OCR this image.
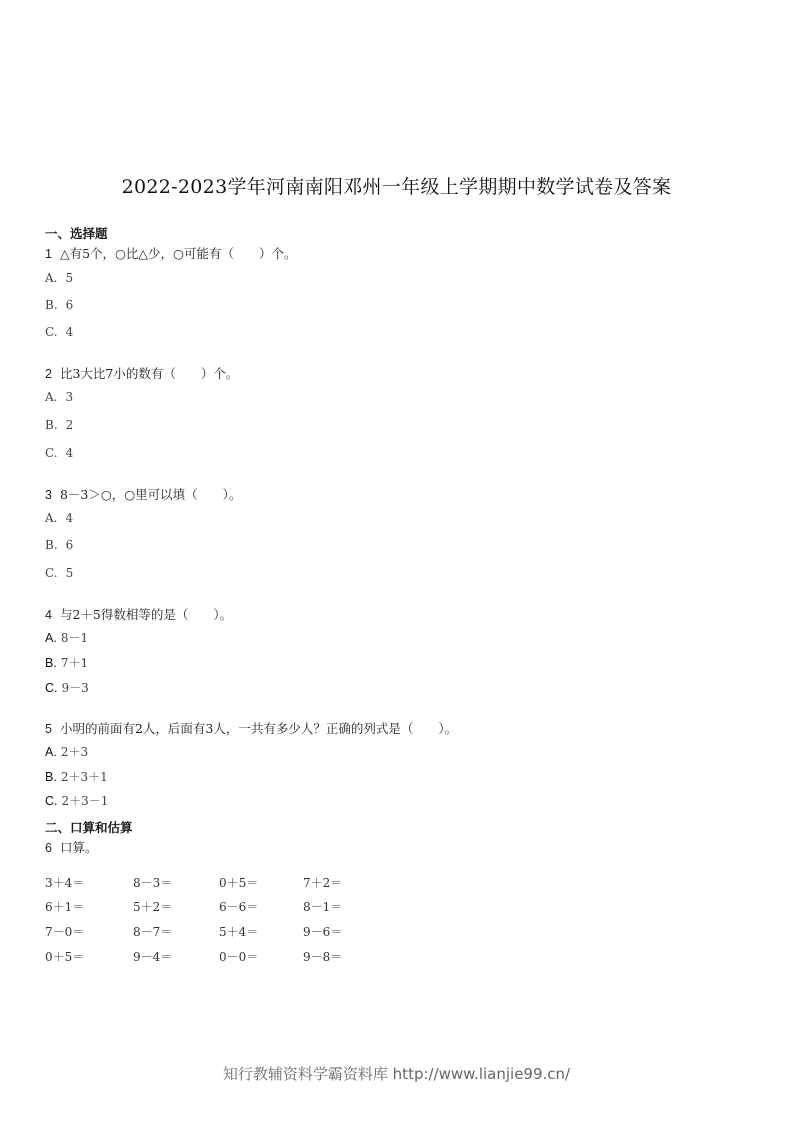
2022-2023学年河南南阳邓州一年级上学期期中数学试卷及答案
一、选择题
1 △有5个，○比△少，○可能有（　　）个。
A. 5
B. 6
C. 4
2 比3大比7小的数有（　　）个。
A. 3
B. 2
C. 4
3 8－3＞○，○里可以填（　　）。
A. 4
B. 6
C. 5
4 与2＋5得数相等的是（　　）。
A. 8－1
B. 7＋1
C. 9－3
5 小明的前面有2人，后面有3人，一共有多少人？正确的列式是（　　）。
A. 2＋3
B. 2＋3＋1
C. 2＋3－1
二、口算和估算
6 口算。
3＋4＝	8－3＝	0＋5＝	7＋2＝
6＋1＝	5＋2＝	6－6＝	8－1＝
7－0＝	8－7＝	5＋4＝	9－6＝
0＋5＝	9－4＝	0－0＝	9－8＝
知行教辅资料学霸资料库 http://www.lianjie99.cn/
